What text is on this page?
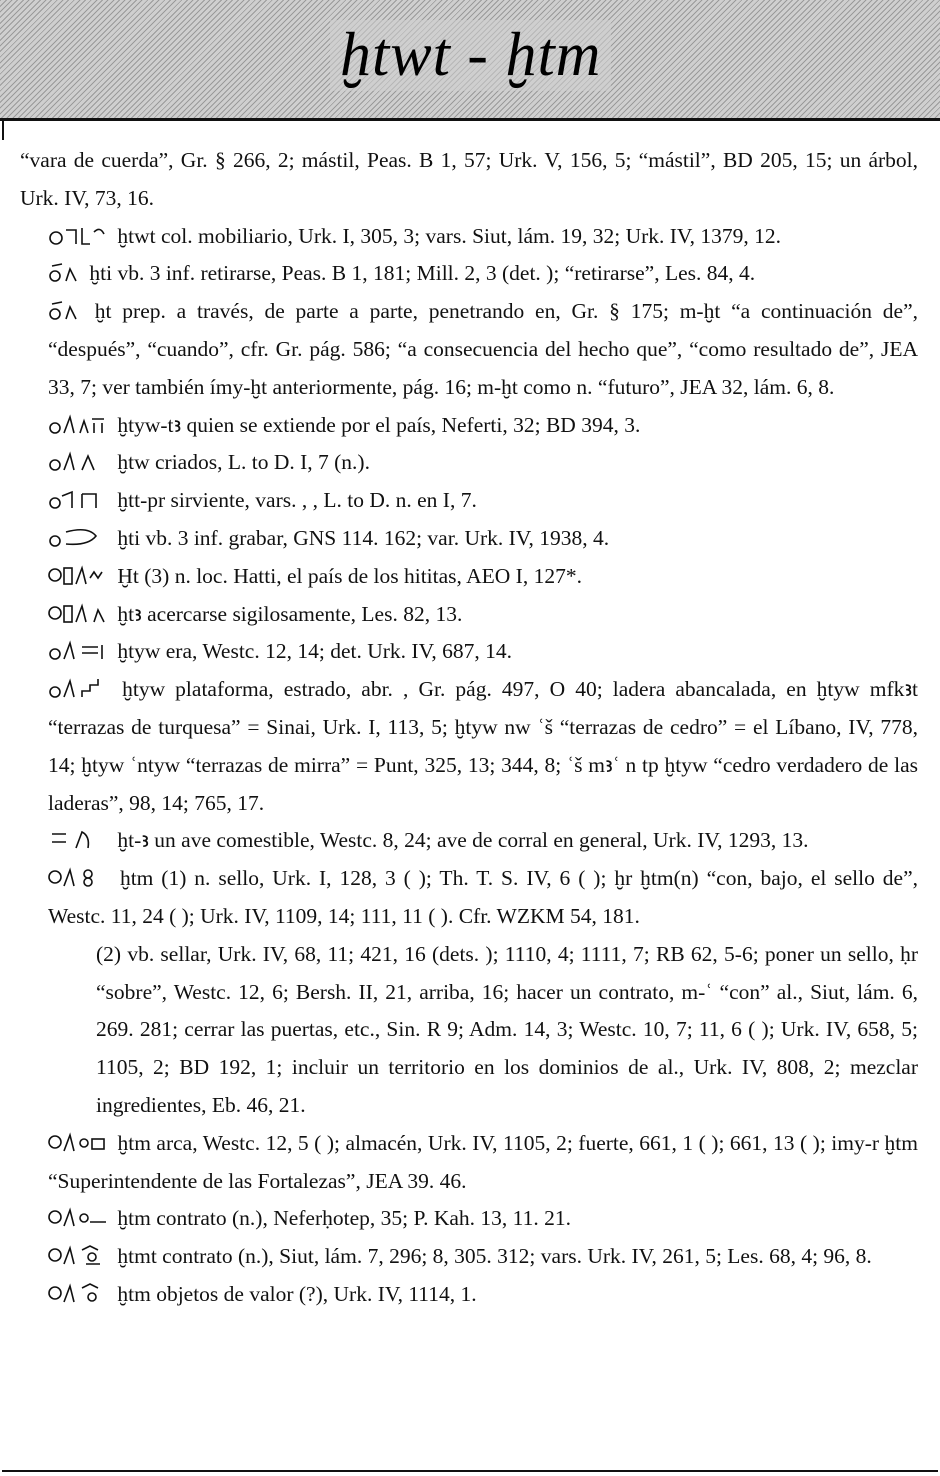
ḫtwt - ḫtm

“vara de cuerda”, Gr. § 266, 2; mástil, Peas. B 1, 57; Urk. V, 156, 5; “mástil”, BD 205, 15; un árbol, Urk. IV, 73, 16.

ḫtwt col. mobiliario, Urk. I, 305, 3; vars. Siut, lám. 19, 32; Urk. IV, 1379, 12.

ḫti vb. 3 inf. retirarse, Peas. B 1, 181; Mill. 2, 3 (det. ); “retirarse”, Les. 84, 4.

ḫt prep. a través, de parte a parte, penetrando en, Gr. § 175; m-ḫt “a continuación de”, “después”, “cuando”, cfr. Gr. pág. 586; “a consecuencia del hecho que”, “como resultado de”, JEA 33, 7; ver también ímy-ḫt anteriormente, pág. 16; m-ḫt como n. “futuro”, JEA 32, lám. 6, 8.

ḫtyw-tꜣ quien se extiende por el país, Neferti, 32; BD 394, 3.

ḫtw criados, L. to D. I, 7 (n.).

ḫtt-pr sirviente, vars. , , L. to D. n. en I, 7.

ḫti vb. 3 inf. grabar, GNS 114. 162; var. Urk. IV, 1938, 4.

Ḫt (3) n. loc. Hatti, el país de los hititas, AEO I, 127*.

ḫtꜣ acercarse sigilosamente, Les. 82, 13.

ḫtyw era, Westc. 12, 14; det. Urk. IV, 687, 14.

ḫtyw plataforma, estrado, abr. , Gr. pág. 497, O 40; ladera abancalada, en ḫtyw mfkꜣt “terrazas de turquesa” = Sinai, Urk. I, 113, 5; ḫtyw nw ʿš “terrazas de cedro” = el Líbano, IV, 778, 14; ḫtyw ʿntyw “terrazas de mirra” = Punt, 325, 13; 344, 8; ʿš mꜣʿ n tp ḫtyw “cedro verdadero de las laderas”, 98, 14; 765, 17.

ḫt-ꜣ un ave comestible, Westc. 8, 24; ave de corral en general, Urk. IV, 1293, 13.

ḫtm (1) n. sello, Urk. I, 128, 3 ( ); Th. T. S. IV, 6 ( ); ḫr ḫtm(n) “con, bajo, el sello de”, Westc. 11, 24 ( ); Urk. IV, 1109, 14; 111, 11 ( ). Cfr. WZKM 54, 181.

(2) vb. sellar, Urk. IV, 68, 11; 421, 16 (dets. ); 1110, 4; 1111, 7; RB 62, 5-6; poner un sello, ḥr “sobre”, Westc. 12, 6; Bersh. II, 21, arriba, 16; hacer un contrato, m-ʿ “con” al., Siut, lám. 6, 269. 281; cerrar las puertas, etc., Sin. R 9; Adm. 14, 3; Westc. 10, 7; 11, 6 ( ); Urk. IV, 658, 5; 1105, 2; BD 192, 1; incluir un territorio en los dominios de al., Urk. IV, 808, 2; mezclar ingredientes, Eb. 46, 21.

ḫtm arca, Westc. 12, 5 ( ); almacén, Urk. IV, 1105, 2; fuerte, 661, 1 ( ); 661, 13 ( ); imy-r ḫtm “Superintendente de las Fortalezas”, JEA 39. 46.

ḫtm contrato (n.), Neferḥotep, 35; P. Kah. 13, 11. 21.

ḫtmt contrato (n.), Siut, lám. 7, 296; 8, 305. 312; vars. Urk. IV, 261, 5; Les. 68, 4; 96, 8.

ḫtm objetos de valor (?), Urk. IV, 1114, 1.
